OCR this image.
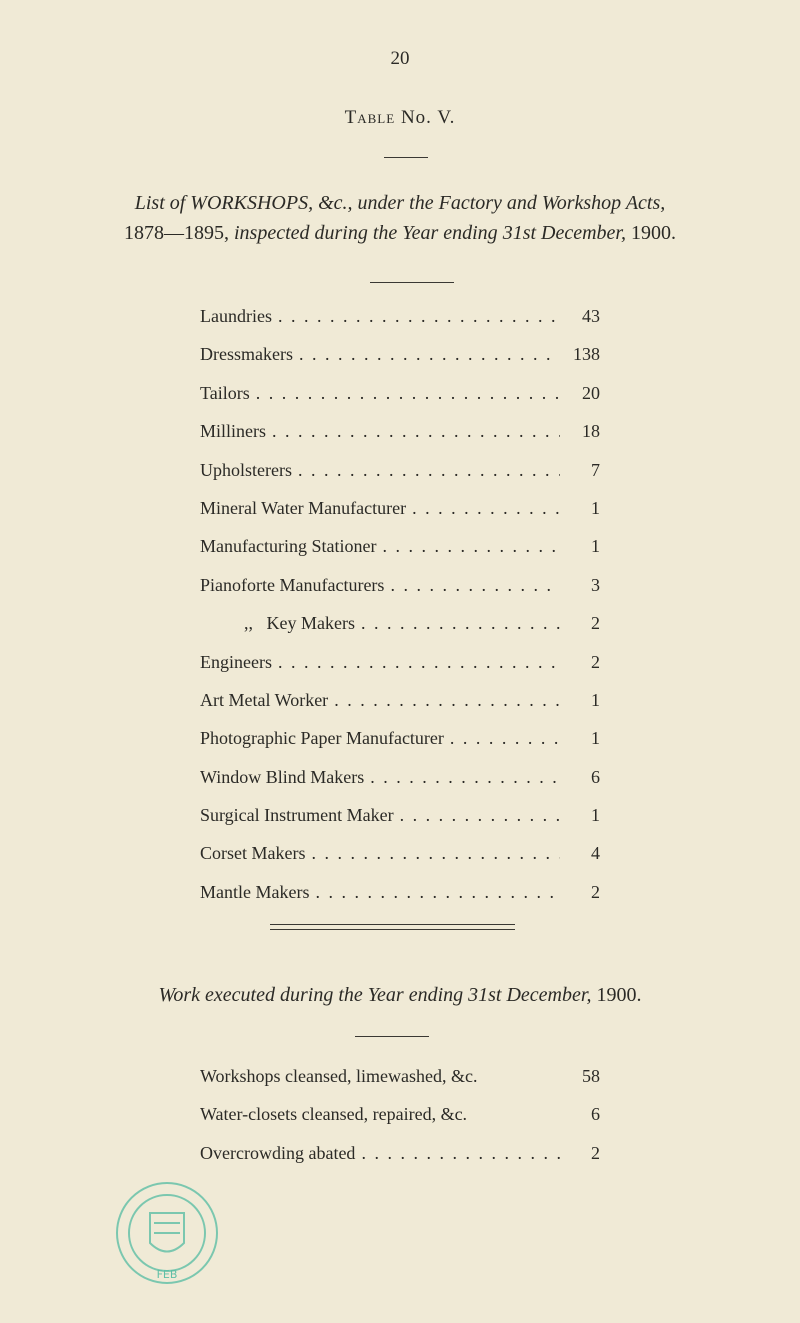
20
Table No. V.
List of WORKSHOPS, &c., under the Factory and Workshop Acts,
1878—1895, inspected during the Year ending 31st December, 1900.
Laundries . . .	43
Dressmakers . . .	138
Tailors . . .	20
Milliners . . .	18
Upholsterers . . .	7
Mineral Water Manufacturer . . .	1
Manufacturing Stationer . . .	1
Pianoforte Manufacturers . . .	3
,,   Key Makers . . .	2
Engineers . . .	2
Art Metal Worker . . .	1
Photographic Paper Manufacturer . . .	1
Window Blind Makers . . .	6
Surgical Instrument Maker . . .	1
Corset Makers . . .	4
Mantle Makers . . .	2
Work executed during the Year ending 31st December, 1900.
Workshops cleansed, limewashed, &c.	58
Water-closets cleansed, repaired, &c.	6
Overcrowding abated . . .	2
FEB
